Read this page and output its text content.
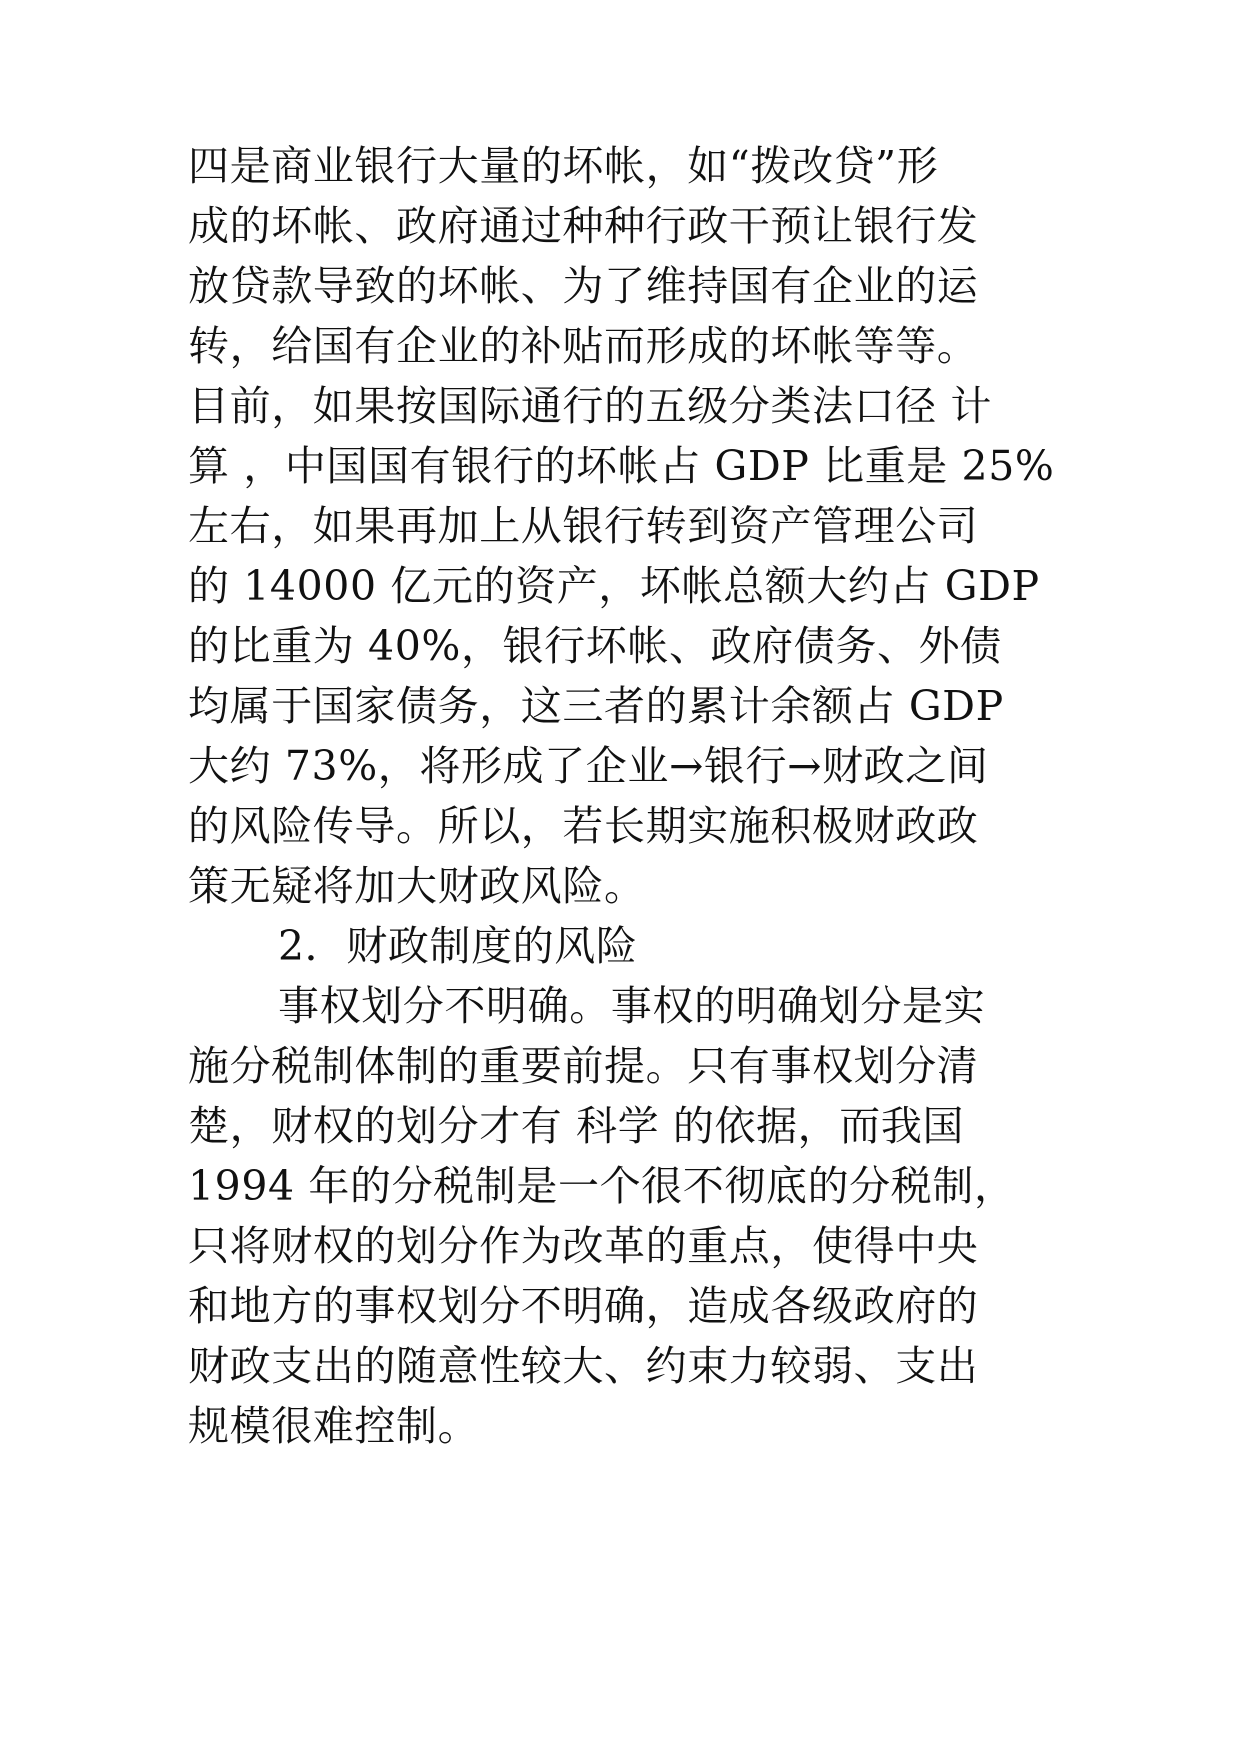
四是商业银行大量的坏帐，如“拨改贷”形

成的坏帐、政府通过种种行政干预让银行发

放贷款导致的坏帐、为了维持国有企业的运

转，给国有企业的补贴而形成的坏帐等等。

目前，如果按国际通行的五级分类法口径 计

算 ，中国国有银行的坏帐占 GDP 比重是 25%

左右，如果再加上从银行转到资产管理公司

的 14000 亿元的资产，坏帐总额大约占 GDP

的比重为 40%，银行坏帐、政府债务、外债

均属于国家债务，这三者的累计余额占 GDP

大约 73%，将形成了企业→银行→财政之间

的风险传导。所以，若长期实施积极财政政

策无疑将加大财政风险。

2．财政制度的风险

事权划分不明确。事权的明确划分是实

施分税制体制的重要前提。只有事权划分清

楚，财权的划分才有 科学 的依据，而我国

1994 年的分税制是一个很不彻底的分税制，

只将财权的划分作为改革的重点，使得中央

和地方的事权划分不明确，造成各级政府的

财政支出的随意性较大、约束力较弱、支出

规模很难控制。
